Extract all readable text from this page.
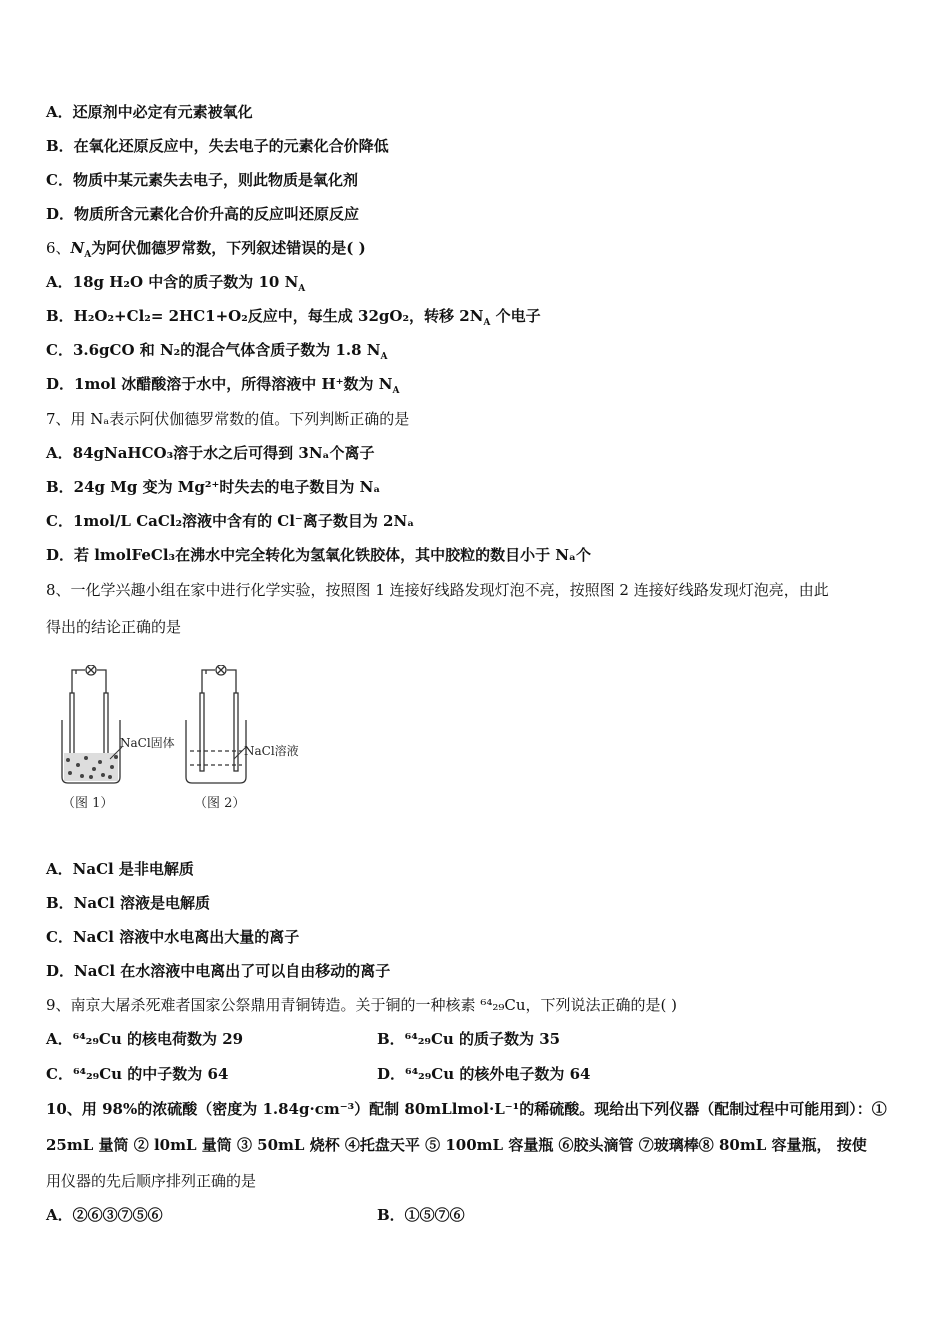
A．还原剂中必定有元素被氧化
B．在氧化还原反应中，失去电子的元素化合价降低
C．物质中某元素失去电子，则此物质是氧化剂
D．物质所含元素化合价升高的反应叫还原反应
6、$N_A$为阿伏伽德罗常数，下列叙述错误的是( )
A．18g H₂O 中含的质子数为 10 $N_A$
B．H₂O₂+Cl₂= 2HC1+O₂反应中，每生成 32gO₂，转移 $2N_A$ 个电子
C．3.6gCO 和 N₂的混合气体含质子数为 1.8 $N_A$
D．1mol 冰醋酸溶于水中，所得溶液中 H⁺数为 $N_A$
7、用 Nₐ表示阿伏伽德罗常数的值。下列判断正确的是
A．84gNaHCO₃溶于水之后可得到 3Nₐ个离子
B．24g Mg 变为 Mg²⁺时失去的电子数目为 Nₐ
C．1mol/L CaCl₂溶液中含有的 Cl⁻离子数目为 2Nₐ
D．若 lmolFeCl₃在沸水中完全转化为氢氧化铁胶体，其中胶粒的数目小于 Nₐ个
8、一化学兴趣小组在家中进行化学实验，按照图 1 连接好线路发现灯泡不亮，按照图 2 连接好线路发现灯泡亮，由此
得出的结论正确的是
NaCl固体
（图 1）
NaCl溶液
（图 2）
A．NaCl 是非电解质
B．NaCl 溶液是电解质
C．NaCl 溶液中水电离出大量的离子
D．NaCl 在水溶液中电离出了可以自由移动的离子
9、南京大屠杀死难者国家公祭鼎用青铜铸造。关于铜的一种核素 ⁶⁴₂₉Cu，下列说法正确的是( )
A．⁶⁴₂₉Cu 的核电荷数为 29	B．⁶⁴₂₉Cu 的质子数为 35
C．⁶⁴₂₉Cu 的中子数为 64	D．⁶⁴₂₉Cu 的核外电子数为 64
10、用 98%的浓硫酸（密度为 1.84g·cm⁻³）配制 80mLlmol·L⁻¹的稀硫酸。现给出下列仪器（配制过程中可能用到）：①
25mL 量筒 ② l0mL 量筒 ③ 50mL 烧杯 ④托盘天平 ⑤ 100mL 容量瓶 ⑥胶头滴管 ⑦玻璃棒⑧ 80mL 容量瓶， 按使
用仪器的先后顺序排列正确的是
A．②⑥③⑦⑤⑥	B．①⑤⑦⑥
